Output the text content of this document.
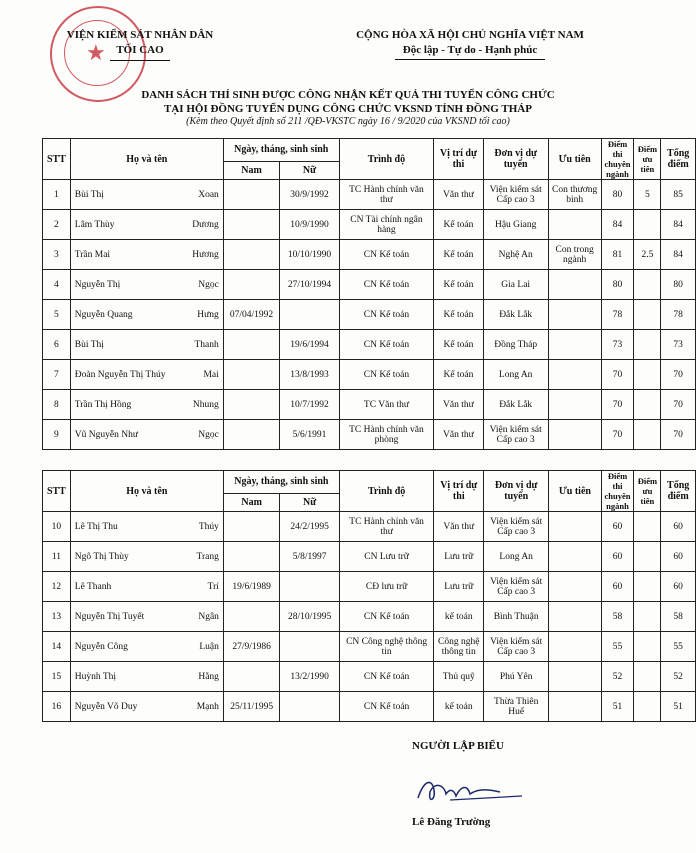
★
VIỆN KIỂM SÁT NHÂN DÂN
TỐI CAO
CỘNG HÒA XÃ HỘI CHỦ NGHĨA VIỆT NAM
Độc lập - Tự do - Hạnh phúc
DANH SÁCH THÍ SINH ĐƯỢC CÔNG NHẬN KẾT QUẢ THI TUYỂN CÔNG CHỨC
TẠI HỘI ĐỒNG TUYỂN DỤNG CÔNG CHỨC VKSND TỈNH ĐỒNG THÁP
(Kèm theo Quyết định số 211 /QĐ-VKSTC ngày 16 / 9/2020 của VKSND tối cao)
STT	Họ và tên	Ngày, tháng, sinh sinh		Trình độ	Vị trí dự thi	Đơn vị dự tuyển	Ưu tiên	Điểm thi chuyên ngành	Điểm ưu tiên	Tổng điểm
		Nam	Nữ							
1	Bùi Thị Xoan		30/9/1992	TC Hành chính văn thư	Văn thư	Viện kiểm sát Cấp cao 3	Con thương binh	80	5	85
2	Lâm Thùy Dương		10/9/1990	CN Tài chính ngân hàng	Kế toán	Hậu Giang		84		84
3	Trần Mai Hương		10/10/1990	CN Kế toán	Kế toán	Nghệ An	Con trong ngành	81	2.5	84
4	Nguyễn Thị Ngọc		27/10/1994	CN Kế toán	Kế toán	Gia Lai		80		80
5	Nguyễn Quang Hưng	07/04/1992		CN Kế toán	Kế toán	Đắk Lắk		78		78
6	Bùi Thị Thanh		19/6/1994	CN Kế toán	Kế toán	Đồng Tháp		73		73
7	Đoàn Nguyễn Thị Thúy Mai		13/8/1993	CN Kế toán	Kế toán	Long An		70		70
8	Trần Thị Hồng Nhung		10/7/1992	TC Văn thư	Văn thư	Đắk Lắk		70		70
9	Vũ Nguyễn Như Ngọc		5/6/1991	TC Hành chính văn phòng	Văn thư	Viện kiểm sát Cấp cao 3		70		70
STT	Họ và tên	Ngày, tháng, sinh sinh		Trình độ	Vị trí dự thi	Đơn vị dự tuyển	Ưu tiên	Điểm thi chuyên ngành	Điểm ưu tiên	Tổng điểm
		Nam	Nữ							
10	Lê Thị Thu Thúy		24/2/1995	TC Hành chính văn thư	Văn thư	Viện kiểm sát Cấp cao 3		60		60
11	Ngô Thị Thùy Trang		5/8/1997	CN Lưu trữ	Lưu trữ	Long An		60		60
12	Lê Thanh Trí	19/6/1989		CĐ lưu trữ	Lưu trữ	Viện kiểm sát Cấp cao 3		60		60
13	Nguyễn Thị Tuyết Ngân		28/10/1995	CN Kế toán	kế toán	Bình Thuận		58		58
14	Nguyễn Công Luận	27/9/1986		CN Công nghệ thông tin	Công nghệ thông tin	Viện kiểm sát Cấp cao 3		55		55
15	Huỳnh Thị Hằng		13/2/1990	CN Kế toán	Thủ quỹ	Phú Yên		52		52
16	Nguyễn Võ Duy Mạnh	25/11/1995		CN Kế toán	kế toán	Thừa Thiên Huế		51		51
NGƯỜI LẬP BIỂU
Lê Đăng Trường
